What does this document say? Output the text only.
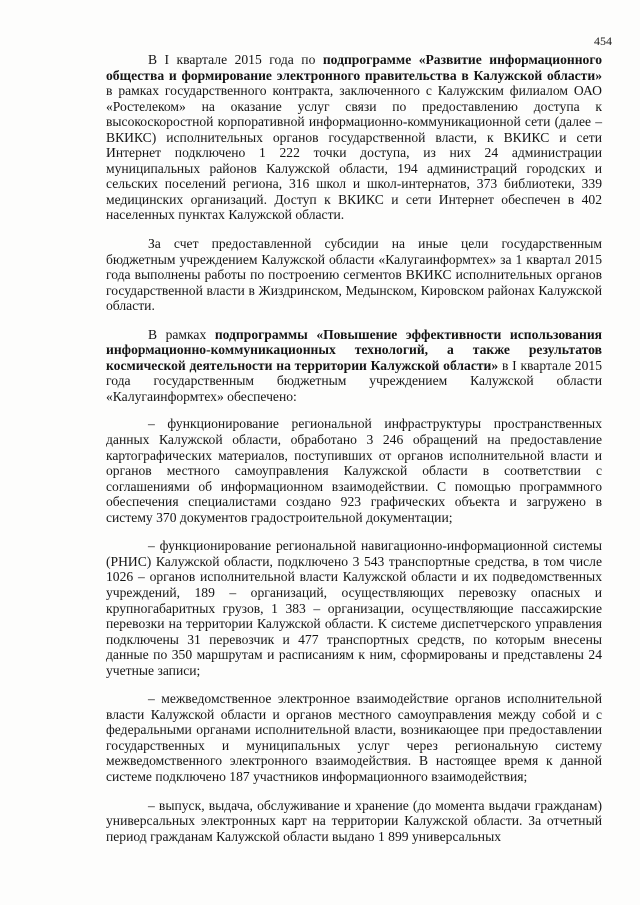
454

В I квартале 2015 года по подпрограмме «Развитие информационного общества и формирование электронного правительства в Калужской области» в рамках государственного контракта, заключенного с Калужским филиалом ОАО «Ростелеком» на оказание услуг связи по предоставлению доступа к высокоскоростной корпоративной информационно-коммуникационной сети (далее – ВКИКС) исполнительных органов государственной власти, к ВКИКС и сети Интернет подключено 1 222 точки доступа, из них 24 администрации муниципальных районов Калужской области, 194 администраций городских и сельских поселений региона, 316 школ и школ-интернатов, 373 библиотеки, 339 медицинских организаций. Доступ к ВКИКС и сети Интернет обеспечен в 402 населенных пунктах Калужской области.

За счет предоставленной субсидии на иные цели государственным бюджетным учреждением Калужской области «Калугаинформтех» за 1 квартал 2015 года выполнены работы по построению сегментов ВКИКС исполнительных органов государственной власти в Жиздринском, Медынском, Кировском районах Калужской области.

В рамках подпрограммы «Повышение эффективности использования информационно-коммуникационных технологий, а также результатов космической деятельности на территории Калужской области» в I квартале 2015 года государственным бюджетным учреждением Калужской области «Калугаинформтех» обеспечено:

– функционирование региональной инфраструктуры пространственных данных Калужской области, обработано 3 246 обращений на предоставление картографических материалов, поступивших от органов исполнительной власти и органов местного самоуправления Калужской области в соответствии с соглашениями об информационном взаимодействии. С помощью программного обеспечения специалистами создано 923 графических объекта и загружено в систему 370 документов градостроительной документации;

– функционирование региональной навигационно-информационной системы (РНИС) Калужской области, подключено 3 543 транспортные средства, в том числе 1026 – органов исполнительной власти Калужской области и их подведомственных учреждений, 189 – организаций, осуществляющих перевозку опасных и крупногабаритных грузов, 1 383 – организации, осуществляющие пассажирские перевозки на территории Калужской области. К системе диспетчерского управления подключены 31 перевозчик и 477 транспортных средств, по которым внесены данные по 350 маршрутам и расписаниям к ним, сформированы и представлены 24 учетные записи;

– межведомственное электронное взаимодействие органов исполнительной власти Калужской области и органов местного самоуправления между собой и с федеральными органами исполнительной власти, возникающее при предоставлении государственных и муниципальных услуг через региональную систему межведомственного электронного взаимодействия. В настоящее время к данной системе подключено 187 участников информационного взаимодействия;

– выпуск, выдача, обслуживание и хранение (до момента выдачи гражданам) универсальных электронных карт на территории Калужской области. За отчетный период гражданам Калужской области выдано 1 899 универсальных
